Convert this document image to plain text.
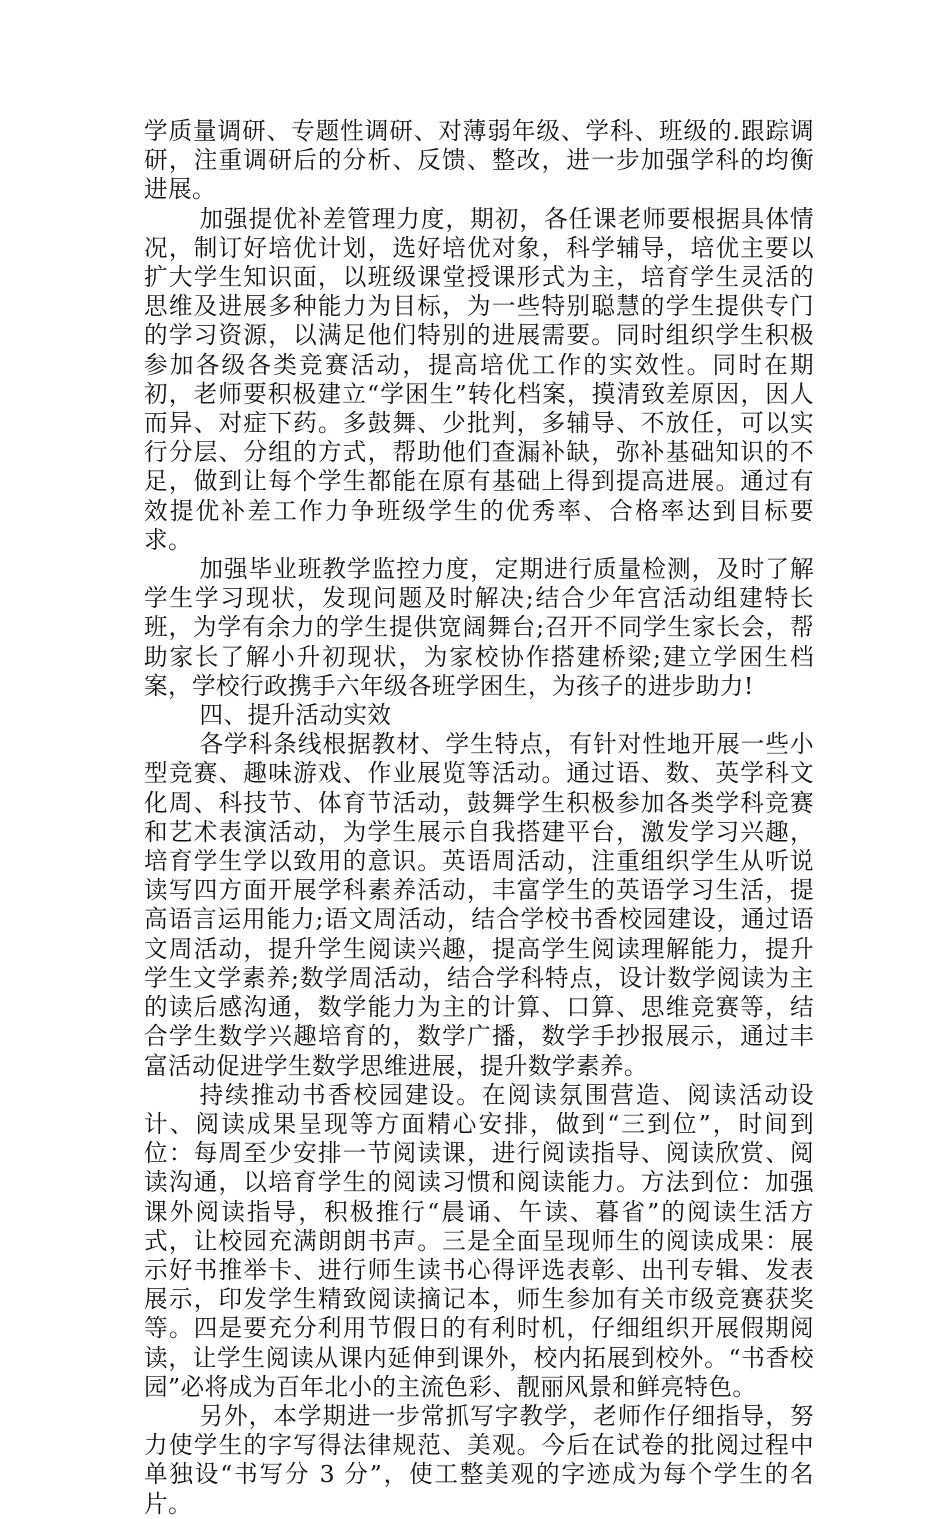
学质量调研、专题性调研、对薄弱年级、学科、班级的.跟踪调研，注重调研后的分析、反馈、整改，进一步加强学科的均衡进展。

加强提优补差管理力度，期初，各任课老师要根据具体情况，制订好培优计划，选好培优对象，科学辅导，培优主要以扩大学生知识面，以班级课堂授课形式为主，培育学生灵活的思维及进展多种能力为目标，为一些特别聪慧的学生提供专门的学习资源，以满足他们特别的进展需要。同时组织学生积极参加各级各类竞赛活动，提高培优工作的实效性。同时在期初，老师要积极建立“学困生”转化档案，摸清致差原因，因人而异、对症下药。多鼓舞、少批判，多辅导、不放任，可以实行分层、分组的方式，帮助他们查漏补缺，弥补基础知识的不足，做到让每个学生都能在原有基础上得到提高进展。通过有效提优补差工作力争班级学生的优秀率、合格率达到目标要求。

加强毕业班教学监控力度，定期进行质量检测，及时了解学生学习现状，发现问题及时解决;结合少年宫活动组建特长班，为学有余力的学生提供宽阔舞台;召开不同学生家长会，帮助家长了解小升初现状，为家校协作搭建桥梁;建立学困生档案，学校行政携手六年级各班学困生，为孩子的进步助力!

四、提升活动实效

各学科条线根据教材、学生特点，有针对性地开展一些小型竞赛、趣味游戏、作业展览等活动。通过语、数、英学科文化周、科技节、体育节活动，鼓舞学生积极参加各类学科竞赛和艺术表演活动，为学生展示自我搭建平台，激发学习兴趣，培育学生学以致用的意识。英语周活动，注重组织学生从听说读写四方面开展学科素养活动，丰富学生的英语学习生活，提高语言运用能力;语文周活动，结合学校书香校园建设，通过语文周活动，提升学生阅读兴趣，提高学生阅读理解能力，提升学生文学素养;数学周活动，结合学科特点，设计数学阅读为主的读后感沟通，数学能力为主的计算、口算、思维竞赛等，结合学生数学兴趣培育的，数学广播，数学手抄报展示，通过丰富活动促进学生数学思维进展，提升数学素养。

持续推动书香校园建设。在阅读氛围营造、阅读活动设计、阅读成果呈现等方面精心安排，做到“三到位”，时间到位：每周至少安排一节阅读课，进行阅读指导、阅读欣赏、阅读沟通，以培育学生的阅读习惯和阅读能力。方法到位：加强课外阅读指导，积极推行“晨诵、午读、暮省”的阅读生活方式，让校园充满朗朗书声。三是全面呈现师生的阅读成果：展示好书推举卡、进行师生读书心得评选表彰、出刊专辑、发表展示，印发学生精致阅读摘记本，师生参加有关市级竞赛获奖等。四是要充分利用节假日的有利时机，仔细组织开展假期阅读，让学生阅读从课内延伸到课外，校内拓展到校外。“书香校园”必将成为百年北小的主流色彩、靓丽风景和鲜亮特色。

另外，本学期进一步常抓写字教学，老师作仔细指导，努力使学生的字写得法律规范、美观。今后在试卷的批阅过程中单独设“书写分 3 分”，使工整美观的字迹成为每个学生的名片。
